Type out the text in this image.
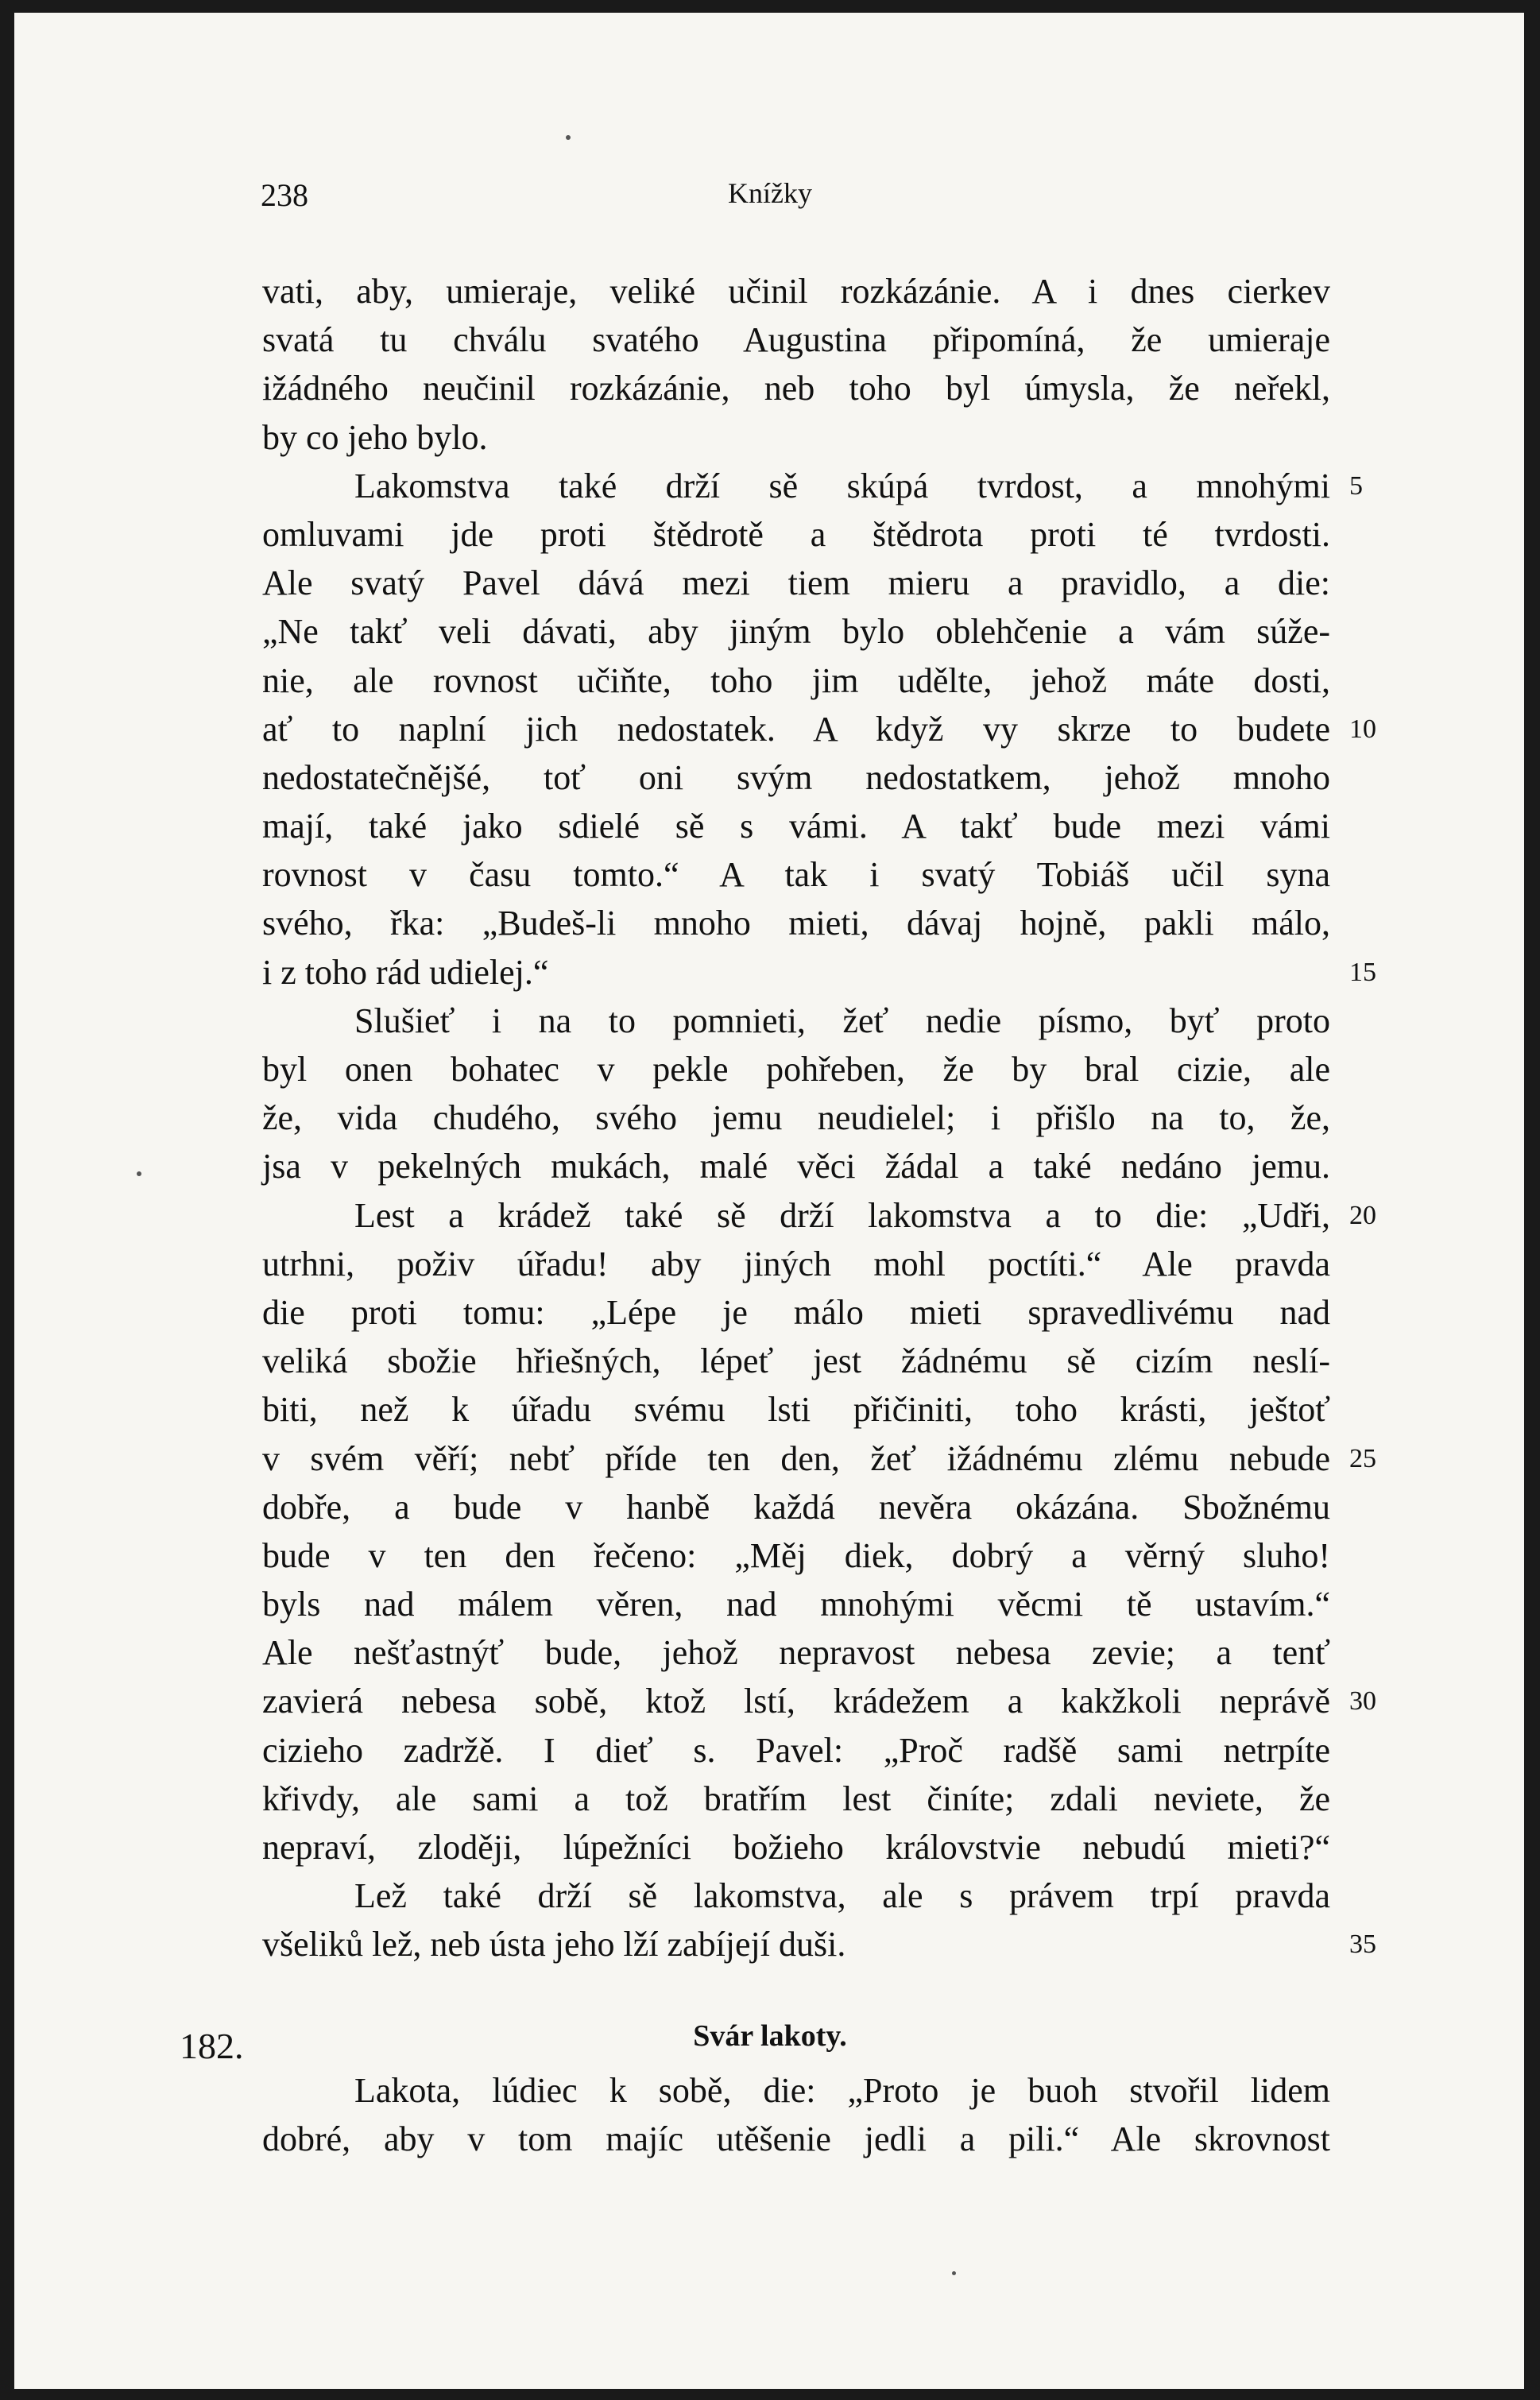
238	Knížky
vati, aby, umieraje, veliké učinil rozkázánie. A i dnes cierkev
svatá tu chválu svatého Augustina připomíná, že umieraje
ižádného neučinil rozkázánie, neb toho byl úmysla, že neřekl,
by co jeho bylo.
Lakomstva také drží sě skúpá tvrdost, a mnohými 5
omluvami jde proti štědrotě a štědrota proti té tvrdosti.
Ale svatý Pavel dává mezi tiem mieru a pravidlo, a die:
„Ne takť veli dávati, aby jiným bylo oblehčenie a vám súže-
nie, ale rovnost učiňte, toho jim udělte, jehož máte dosti,
ať to naplní jich nedostatek. A když vy skrze to budete 10
nedostatečnějšé, toť oni svým nedostatkem, jehož mnoho
mají, také jako sdielé sě s vámi. A takť bude mezi vámi
rovnost v času tomto.“ A tak i svatý Tobiáš učil syna
svého, řka: „Budeš-li mnoho mieti, dávaj hojně, pakli málo,
i z toho rád udielej.“	15
Slušieť i na to pomnieti, žeť nedie písmo, byť proto
byl onen bohatec v pekle pohřeben, že by bral cizie, ale
že, vida chudého, svého jemu neudielel; i přišlo na to, že,
jsa v pekelných mukách, malé věci žádal a také nedáno jemu.
Lest a krádež také sě drží lakomstva a to die: „Udři, 20
utrhni, poživ úřadu! aby jiných mohl poctíti.“ Ale pravda
die proti tomu: „Lépe je málo mieti spravedlivému nad
veliká sbožie hřiešných, lépeť jest žádnému sě cizím neslí-
biti, než k úřadu svému lsti přičiniti, toho krásti, ještoť
v svém věří; nebť příde ten den, žeť ižádnému zlému nebude 25
dobře, a bude v hanbě každá nevěra okázána. Sbožnému
bude v ten den řečeno: „Měj diek, dobrý a věrný sluho!
byls nad málem věren, nad mnohými věcmi tě ustavím.“
Ale nešťastnýť bude, jehož nepravost nebesa zevie; a tenť
zavierá nebesa sobě, ktož lstí, krádežem a kakžkoli neprávě 30
cizieho zadržě. I dieť s. Pavel: „Proč radšě sami netrpíte
křivdy, ale sami a tož bratřím lest činíte; zdali neviete, že
nepraví, zloději, lúpežníci božieho královstvie nebudú mieti?“
Lež také drží sě lakomstva, ale s právem trpí pravda
všeliků lež, neb ústa jeho lží zabíjejí duši.	35
182.	Svár lakoty.
Lakota, lúdiec k sobě, die: „Proto je buoh stvořil lidem
dobré, aby v tom majíc utěšenie jedli a pili.“ Ale skrovnost
